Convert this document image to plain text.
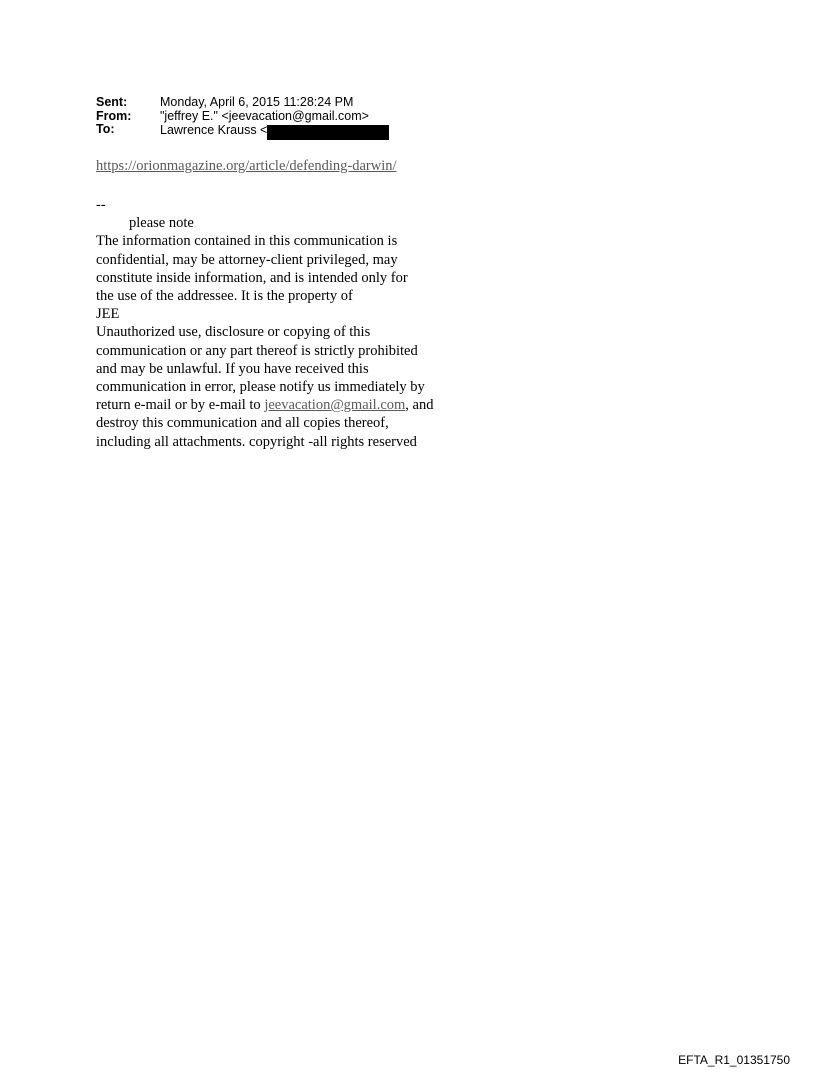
Sent:	Monday, April 6, 2015 11:28:24 PM
From:	"jeffrey E." <jeevacation@gmail.com>
To:	Lawrence Krauss <
https://orionmagazine.org/article/defending-darwin/
--
please note
The information contained in this communication is
confidential, may be attorney-client privileged, may
constitute inside information, and is intended only for
the use of the addressee. It is the property of
JEE
Unauthorized use, disclosure or copying of this
communication or any part thereof is strictly prohibited
and may be unlawful. If you have received this
communication in error, please notify us immediately by
return e-mail or by e-mail to jeevacation@gmail.com, and
destroy this communication and all copies thereof,
including all attachments. copyright -all rights reserved
EFTA_R1_01351750
